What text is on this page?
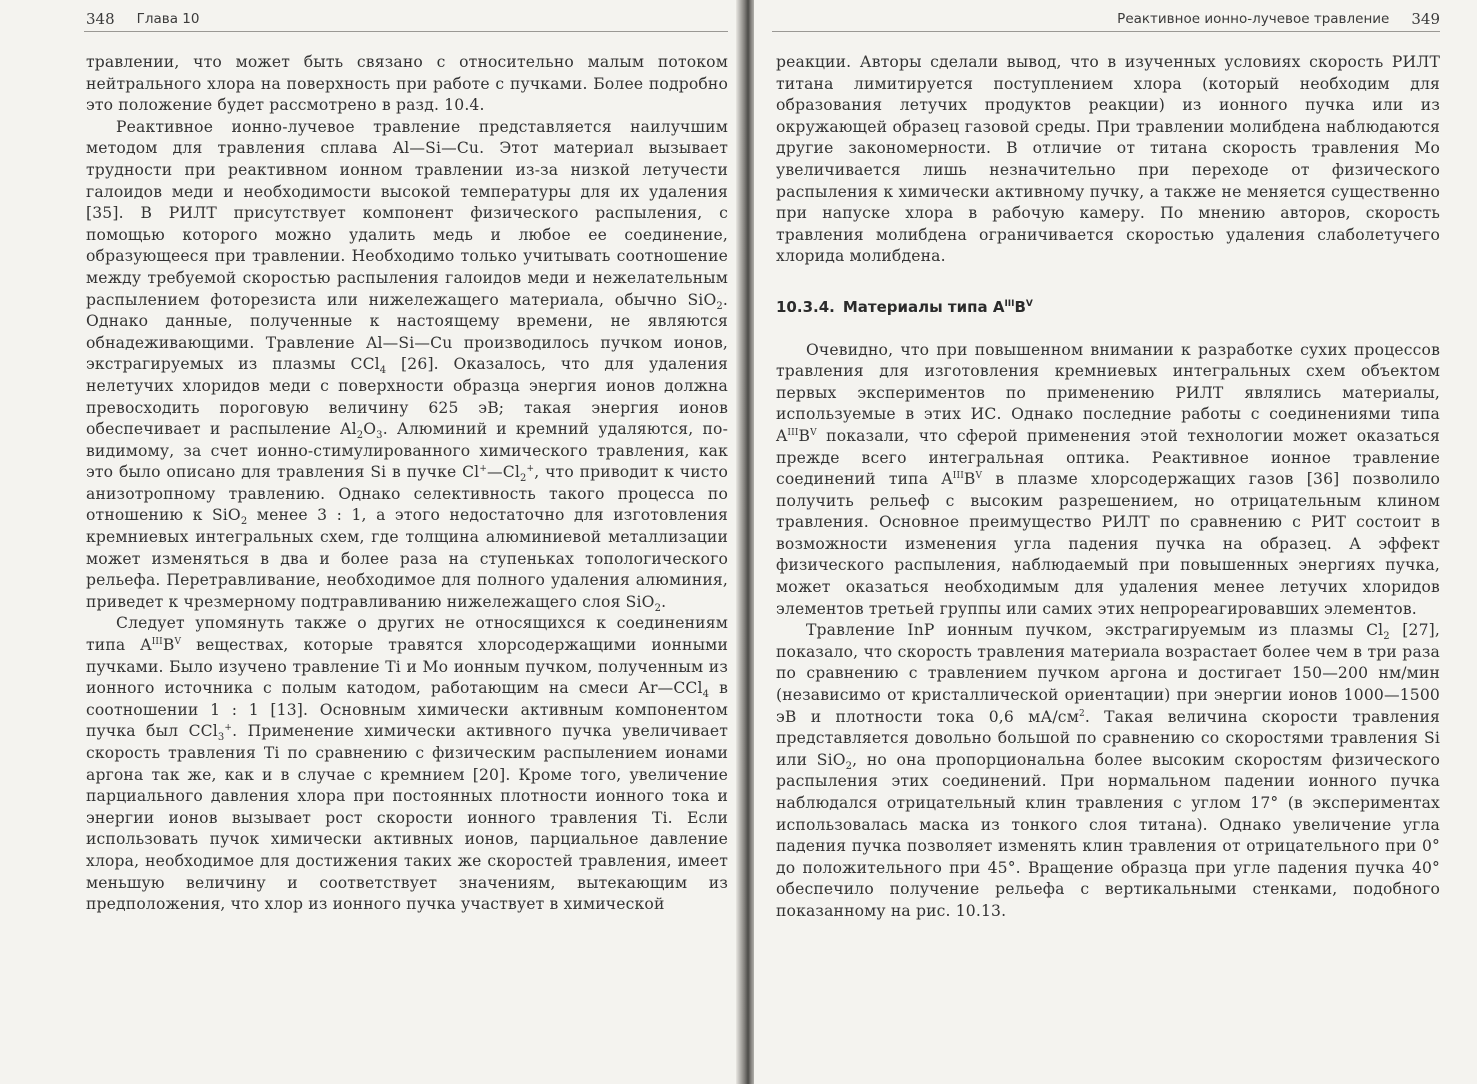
348 Глава 10

травлении, что может быть связано с относительно малым потоком нейтрального хлора на поверхность при работе с пучками. Более подробно это положение будет рассмотрено в разд. 10.4.

Реактивное ионно-лучевое травление представляется наилучшим методом для травления сплава Al—Si—Cu. Этот материал вызывает трудности при реактивном ионном травлении из-за низкой летучести галоидов меди и необходимости высокой температуры для их удаления [35]. В РИЛТ присутствует компонент физического распыления, с помощью которого можно удалить медь и любое ее соединение, образующееся при травлении. Необходимо только учитывать соотношение между требуемой скоростью распыления галоидов меди и нежелательным распылением фоторезиста или нижележащего материала, обычно SiO$_2$. Однако данные, полученные к настоящему времени, не являются обнадеживающими. Травление Al—Si—Cu производилось пучком ионов, экстрагируемых из плазмы CCl$_4$ [26]. Оказалось, что для удаления нелетучих хлоридов меди с поверхности образца энергия ионов должна превосходить пороговую величину 625 эВ; такая энергия ионов обеспечивает и распыление $Al_2O_3$. Алюминий и кремний удаляются, по-видимому, за счет ионно-стимулированного химического травления, как это было описано для травления Si в пучке $Cl^+—Cl_2^+$, что приводит к чисто анизотропному травлению. Однако селективность такого процесса по отношению к SiO$_2$ менее 3 : 1, а этого недостаточно для изготовления кремниевых интегральных схем, где толщина алюминиевой металлизации может изменяться в два и более раза на ступеньках топологического рельефа. Перетравливание, необходимое для полного удаления алюминия, приведет к чрезмерному подтравливанию нижележащего слоя SiO$_2$.

Следует упомянуть также о других не относящихся к соединениям типа $A^{III}B^V$ веществах, которые травятся хлорсодержащими ионными пучками. Было изучено травление Ti и Mo ионным пучком, полученным из ионного источника с полым катодом, работающим на смеси Ar—CCl$_4$ в соотношении 1 : 1 [13]. Основным химически активным компонентом пучка был CCl$_3$+. Применение химически активного пучка увеличивает скорость травления Ti по сравнению с физическим распылением ионами аргона так же, как и в случае с кремнием [20]. Кроме того, увеличение парциального давления хлора при постоянных плотности ионного тока и энергии ионов вызывает рост скорости ионного травления Ti. Если использовать пучок химически активных ионов, парциальное давление хлора, необходимое для достижения таких же скоростей травления, имеет меньшую величину и соответствует значениям, вытекающим из предположения, что хлор из ионного пучка участвует в химической

Реактивное ионно-лучевое травление 349

реакции. Авторы сделали вывод, что в изученных условиях скорость РИЛТ титана лимитируется поступлением хлора (который необходим для образования летучих продуктов реакции) из ионного пучка или из окружающей образец газовой среды. При травлении молибдена наблюдаются другие закономерности. В отличие от титана скорость травления Mo увеличивается лишь незначительно при переходе от физического распыления к химически активному пучку, а также не меняется существенно при напуске хлора в рабочую камеру. По мнению авторов, скорость травления молибдена ограничивается скоростью удаления слаболетучего хлорида молибдена.

10.3.4. Материалы типа $A^{III}B^V$

Очевидно, что при повышенном внимании к разработке сухих процессов травления для изготовления кремниевых интегральных схем объектом первых экспериментов по применению РИЛТ являлись материалы, используемые в этих ИС. Однако последние работы с соединениями типа $A^{III}B^V$ показали, что сферой применения этой технологии может оказаться прежде всего интегральная оптика. Реактивное ионное травление соединений типа $A^{III}B^V$ в плазме хлорсодержащих газов [36] позволило получить рельеф с высоким разрешением, но отрицательным клином травления. Основное преимущество РИЛТ по сравнению с РИТ состоит в возможности изменения угла падения пучка на образец. А эффект физического распыления, наблюдаемый при повышенных энергиях пучка, может оказаться необходимым для удаления менее летучих хлоридов элементов третьей группы или самих этих непрореагировавших элементов.

Травление InP ионным пучком, экстрагируемым из плазмы $Cl_2$ [27], показало, что скорость травления материала возрастает более чем в три раза по сравнению с травлением пучком аргона и достигает 150—200 нм/мин (независимо от кристаллической ориентации) при энергии ионов 1000—1500 эВ и плотности тока 0,6 $мА/см^2$. Такая величина скорости травления представляется довольно большой по сравнению со скоростями травления Si или SiO$_2$, но она пропорциональна более высоким скоростям физического распыления этих соединений. При нормальном падении ионного пучка наблюдался отрицательный клин травления с углом 17° (в экспериментах использовалась маска из тонкого слоя титана). Однако увеличение угла падения пучка позволяет изменять клин травления от отрицательного при 0° до положительного при 45°. Вращение образца при угле падения пучка 40° обеспечило получение рельефа с вертикальными стенками, подобного показанному на рис. 10.13.
